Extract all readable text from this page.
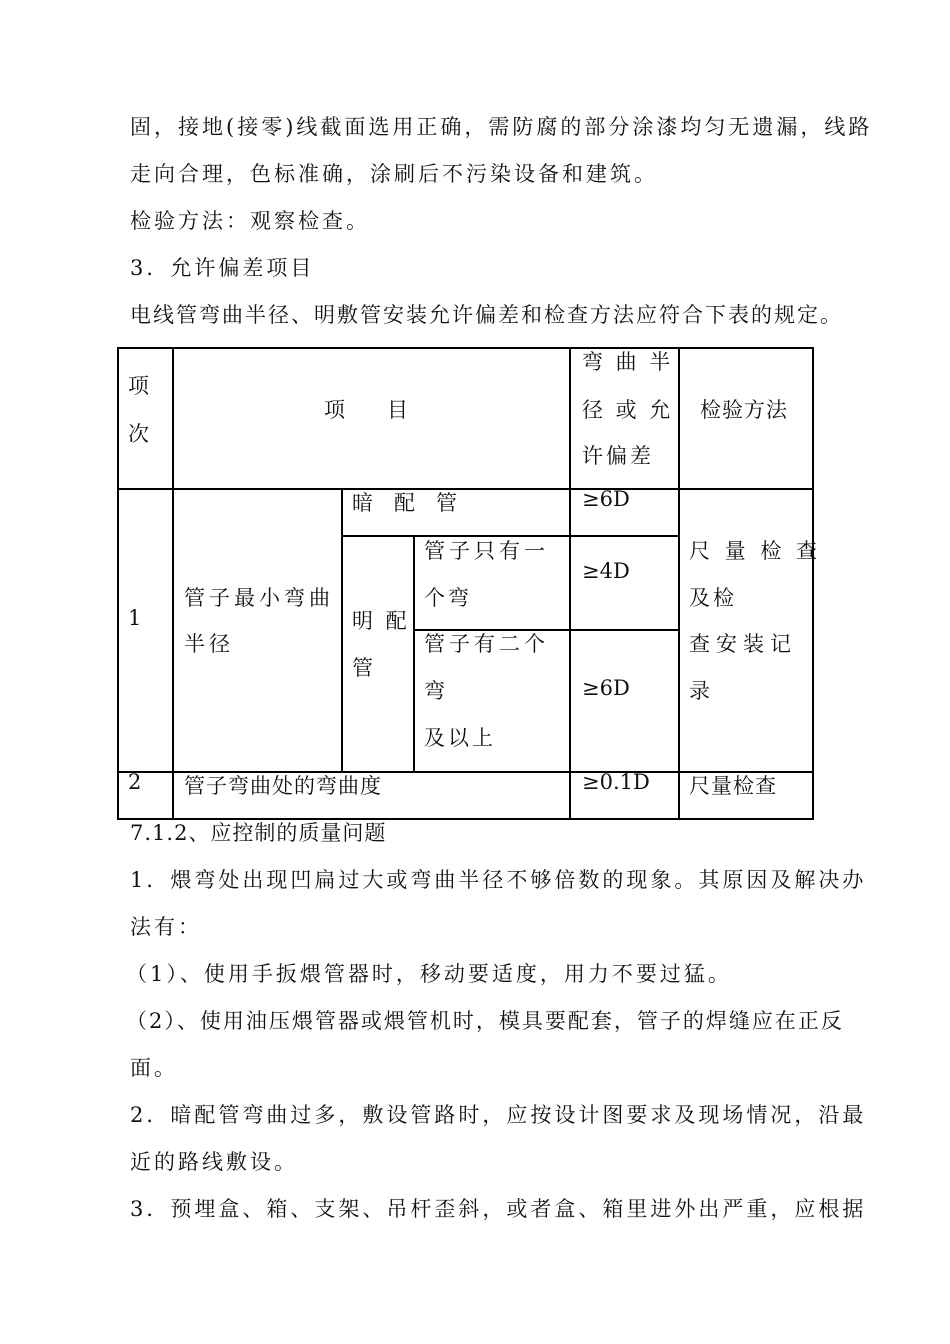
固，接地(接零)线截面选用正确，需防腐的部分涂漆均匀无遗漏，线路
走向合理，色标准确，涂刷后不污染设备和建筑。
检验方法：观察检查。
3．允许偏差项目
电线管弯曲半径、明敷管安装允许偏差和检查方法应符合下表的规定。
项
次
项　　目
弯 曲 半
径 或 允
许偏差
检验方法
1
管子最小弯曲
半径
暗　配　管
明 配
管
管子只有一
个弯
管子有二个
弯
及以上
≥6D
≥4D
≥6D
尺 量 检 查
及检
查安装记
录
2 管子弯曲处的弯曲度	≥0.1D 尺量检查
7.1.2、应控制的质量问题
1．煨弯处出现凹扁过大或弯曲半径不够倍数的现象。其原因及解决办
法有：
（1）、使用手扳煨管器时，移动要适度，用力不要过猛。
（2）、使用油压煨管器或煨管机时，模具要配套，管子的焊缝应在正反
面。
2．暗配管弯曲过多，敷设管路时，应按设计图要求及现场情况，沿最
近的路线敷设。
3．预埋盒、箱、支架、吊杆歪斜，或者盒、箱里进外出严重，应根据
